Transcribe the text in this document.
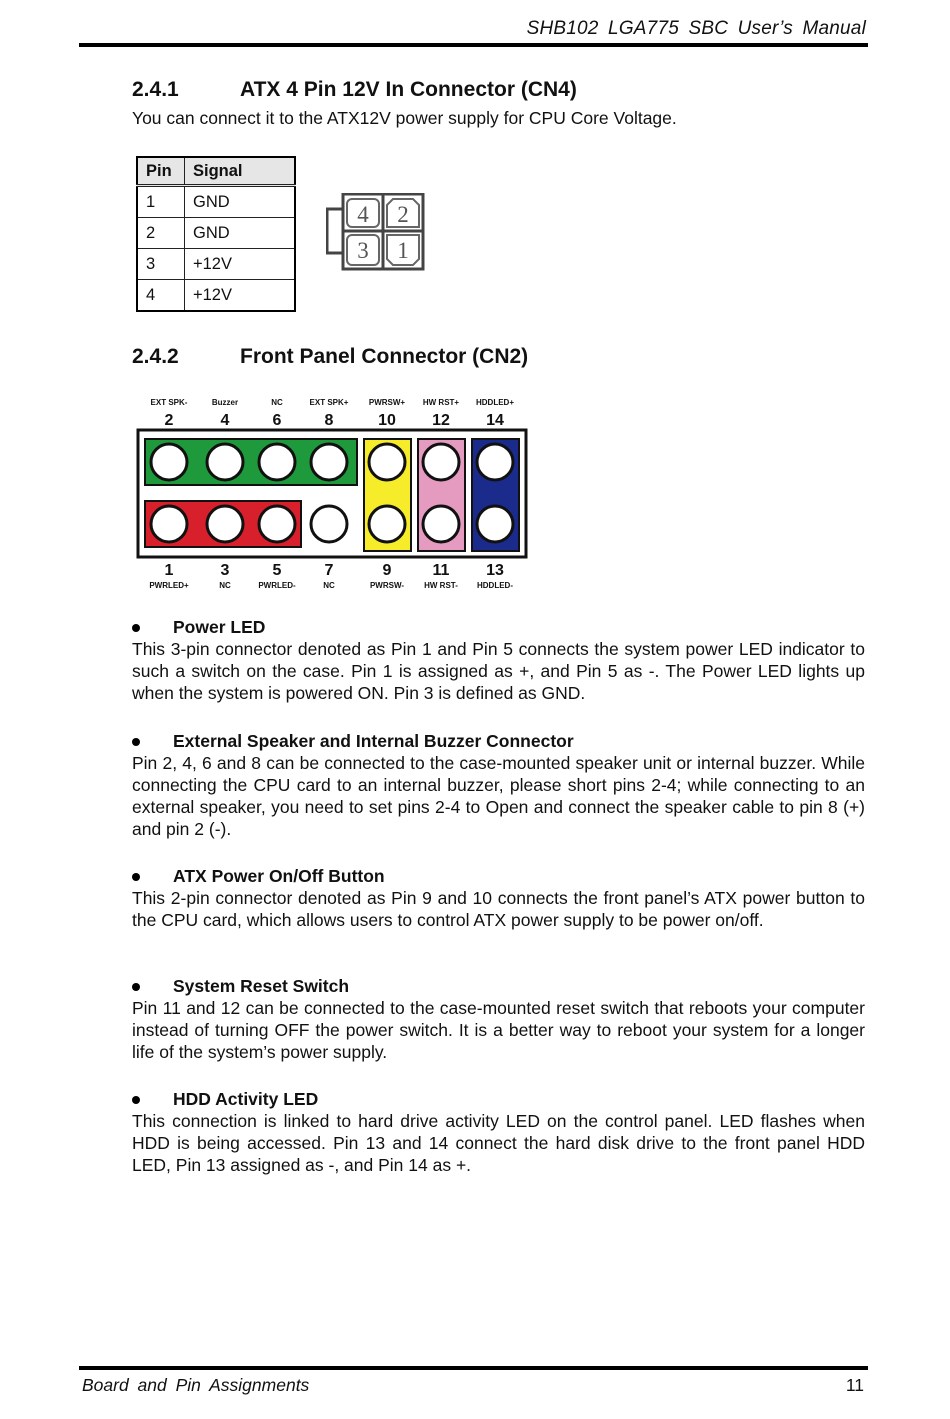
SHB102 LGA775 SBC User’s Manual
2.4.1	ATX 4 Pin 12V In Connector (CN4)
You can connect it to the ATX12V power supply for CPU Core Voltage.
Pin	Signal
1	GND
2	GND
3	+12V
4	+12V
4 2
3 1
2.4.2	Front Panel Connector (CN2)
EXT SPK-	Buzzer	NC	EXT SPK+	PWRSW+ HW RST+ HDDLED+
2	4	6	8	10 12 14
1	3	5	7	9	11 13
PWRLED+	NC	PWRLED-	NC	PWRSW-	HW RST- HDDLED-
Power LED
This 3-pin connector denoted as Pin 1 and Pin 5 connects the system power LED indicator to such a switch on the case. Pin 1 is assigned as +, and Pin 5 as -. The Power LED lights up when the system is powered ON. Pin 3 is defined as GND.
External Speaker and Internal Buzzer Connector
Pin 2, 4, 6 and 8 can be connected to the case-mounted speaker unit or internal buzzer. While connecting the CPU card to an internal buzzer, please short pins 2-4; while connecting to an external speaker, you need to set pins 2-4 to Open and connect the speaker cable to pin 8 (+) and pin 2 (-).
ATX Power On/Off Button
This 2-pin connector denoted as Pin 9 and 10 connects the front panel’s ATX power button to the CPU card, which allows users to control ATX power supply to be power on/off.
System Reset Switch
Pin 11 and 12 can be connected to the case-mounted reset switch that reboots your computer instead of turning OFF the power switch. It is a better way to reboot your system for a longer life of the system’s power supply.
HDD Activity LED
This connection is linked to hard drive activity LED on the control panel. LED flashes when HDD is being accessed. Pin 13 and 14 connect the hard disk drive to the front panel HDD LED, Pin 13 assigned as -, and Pin 14 as +.
Board and Pin Assignments	11
